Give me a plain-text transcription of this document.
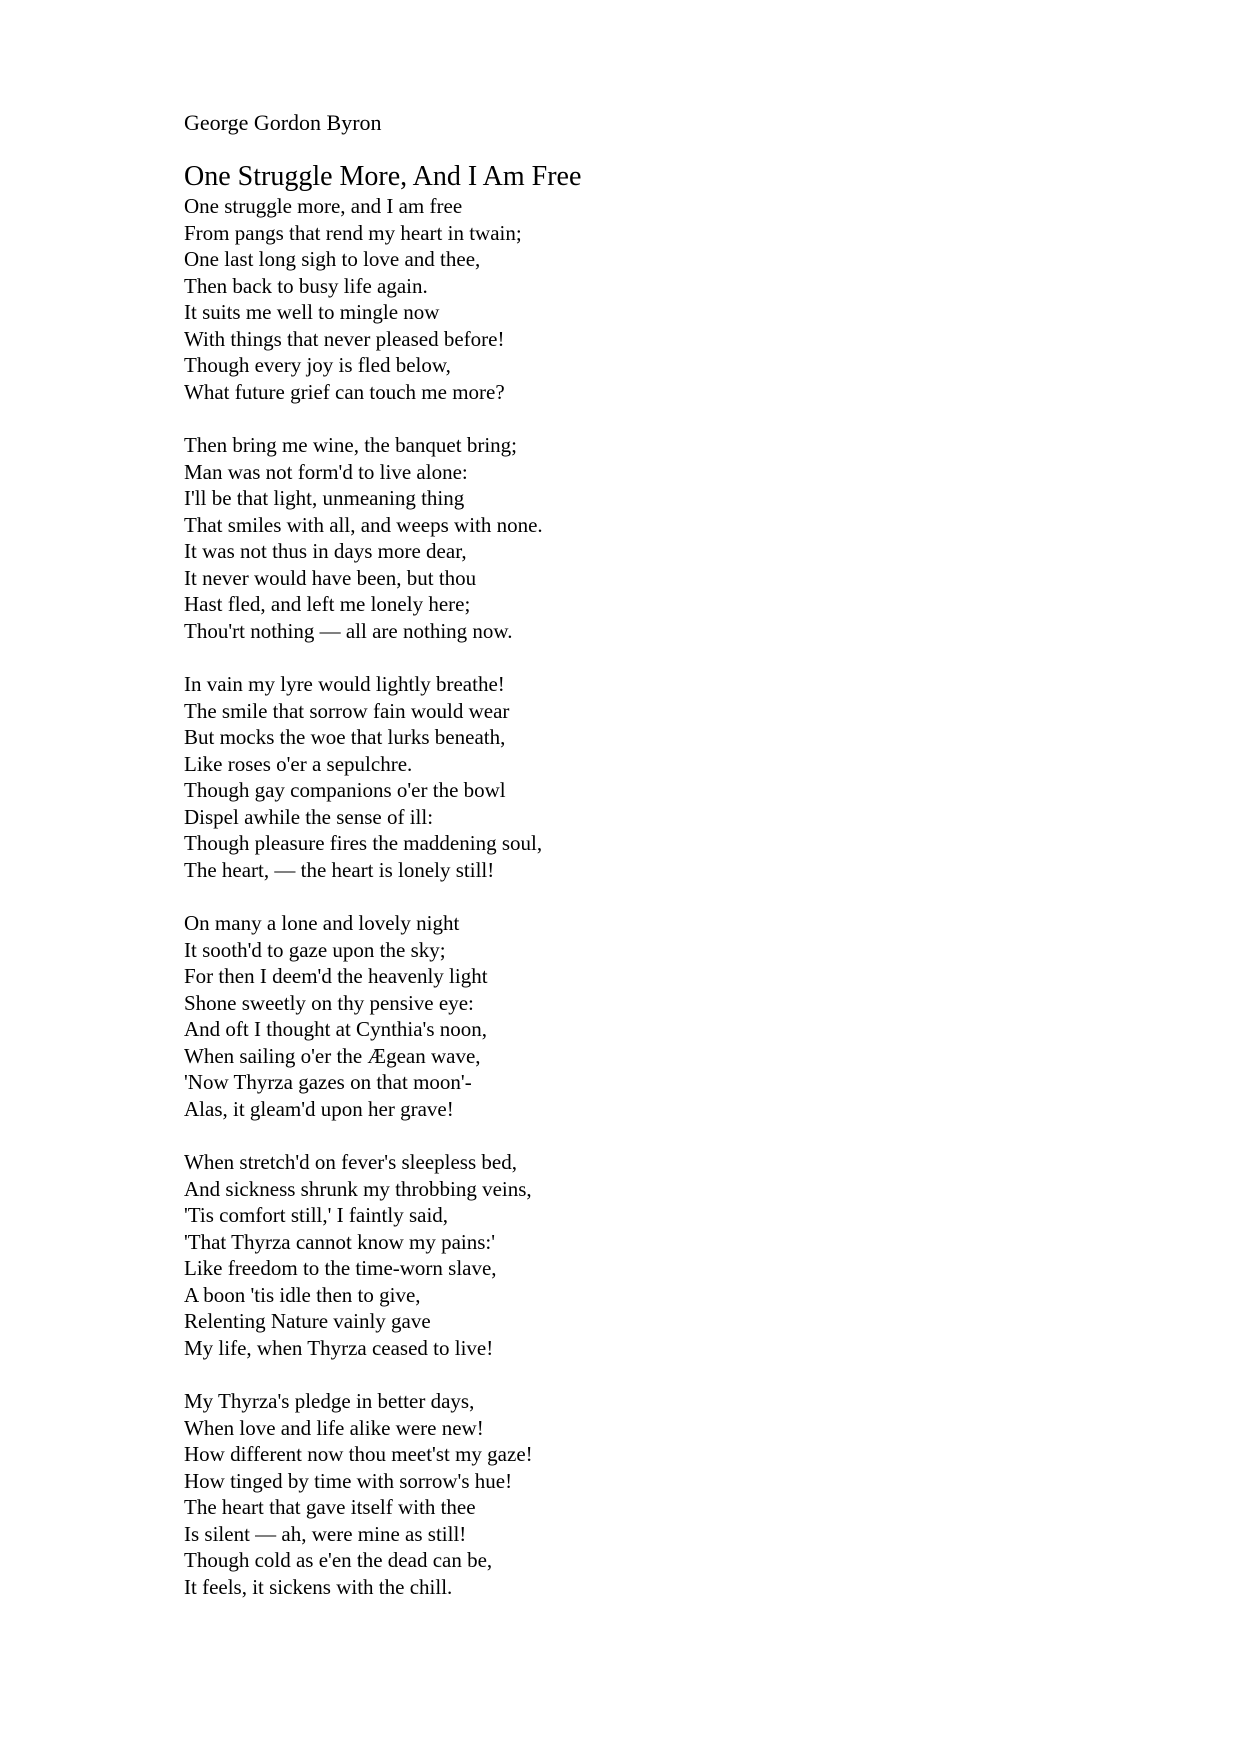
George Gordon Byron

One Struggle More, And I Am Free
One struggle more, and I am free
From pangs that rend my heart in twain;
One last long sigh to love and thee,
Then back to busy life again.
It suits me well to mingle now
With things that never pleased before!
Though every joy is fled below,
What future grief can touch me more?
Then bring me wine, the banquet bring;
Man was not form'd to live alone:
I'll be that light, unmeaning thing
That smiles with all, and weeps with none.
It was not thus in days more dear,
It never would have been, but thou
Hast fled, and left me lonely here;
Thou'rt nothing — all are nothing now.
In vain my lyre would lightly breathe!
The smile that sorrow fain would wear
But mocks the woe that lurks beneath,
Like roses o'er a sepulchre.
Though gay companions o'er the bowl
Dispel awhile the sense of ill:
Though pleasure fires the maddening soul,
The heart, — the heart is lonely still!
On many a lone and lovely night
It sooth'd to gaze upon the sky;
For then I deem'd the heavenly light
Shone sweetly on thy pensive eye:
And oft I thought at Cynthia's noon,
When sailing o'er the Ægean wave,
'Now Thyrza gazes on that moon'-
Alas, it gleam'd upon her grave!
When stretch'd on fever's sleepless bed,
And sickness shrunk my throbbing veins,
'Tis comfort still,' I faintly said,
'That Thyrza cannot know my pains:'
Like freedom to the time-worn slave,
A boon 'tis idle then to give,
Relenting Nature vainly gave
My life, when Thyrza ceased to live!
My Thyrza's pledge in better days,
When love and life alike were new!
How different now thou meet'st my gaze!
How tinged by time with sorrow's hue!
The heart that gave itself with thee
Is silent — ah, were mine as still!
Though cold as e'en the dead can be,
It feels, it sickens with the chill.
